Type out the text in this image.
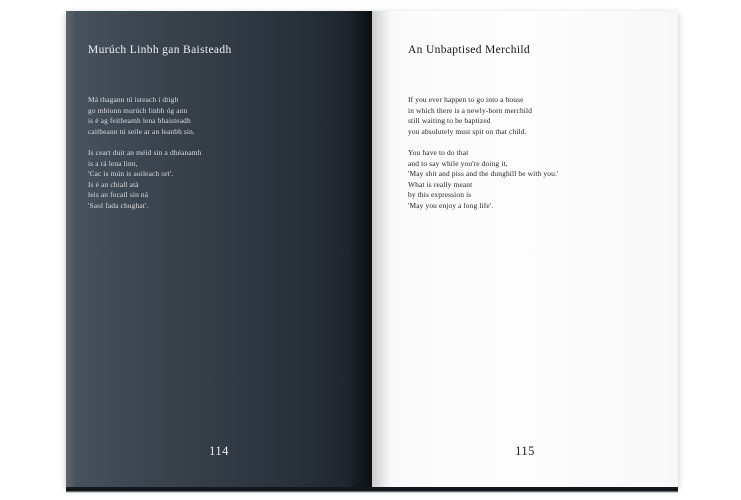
Murúch Linbh gan Baisteadh

Má thagann tú isteach i dtigh
go mbíonn murúch linbh óg ann
is é ag feitheamh lena bhaisteadh
caitheann tú seile ar an leanbh sin.

Is ceart duit an méid sin a dhéanamh
is a rá lena linn,
'Cac is mún is aoileach ort'.
Is é an chiall atá
leis an focail sin ná
'Saol fada chughat'.

114
An Unbaptised Merchild

If you ever happen to go into a house
in which there is a newly-born merchild
still waiting to be baptized
you absolutely must spit on that child.

You have to do that
and to say while you're doing it,
'May shit and piss and the dunghill be with you.'
What is really meant
by this expression is
'May you enjoy a long life'.

115
